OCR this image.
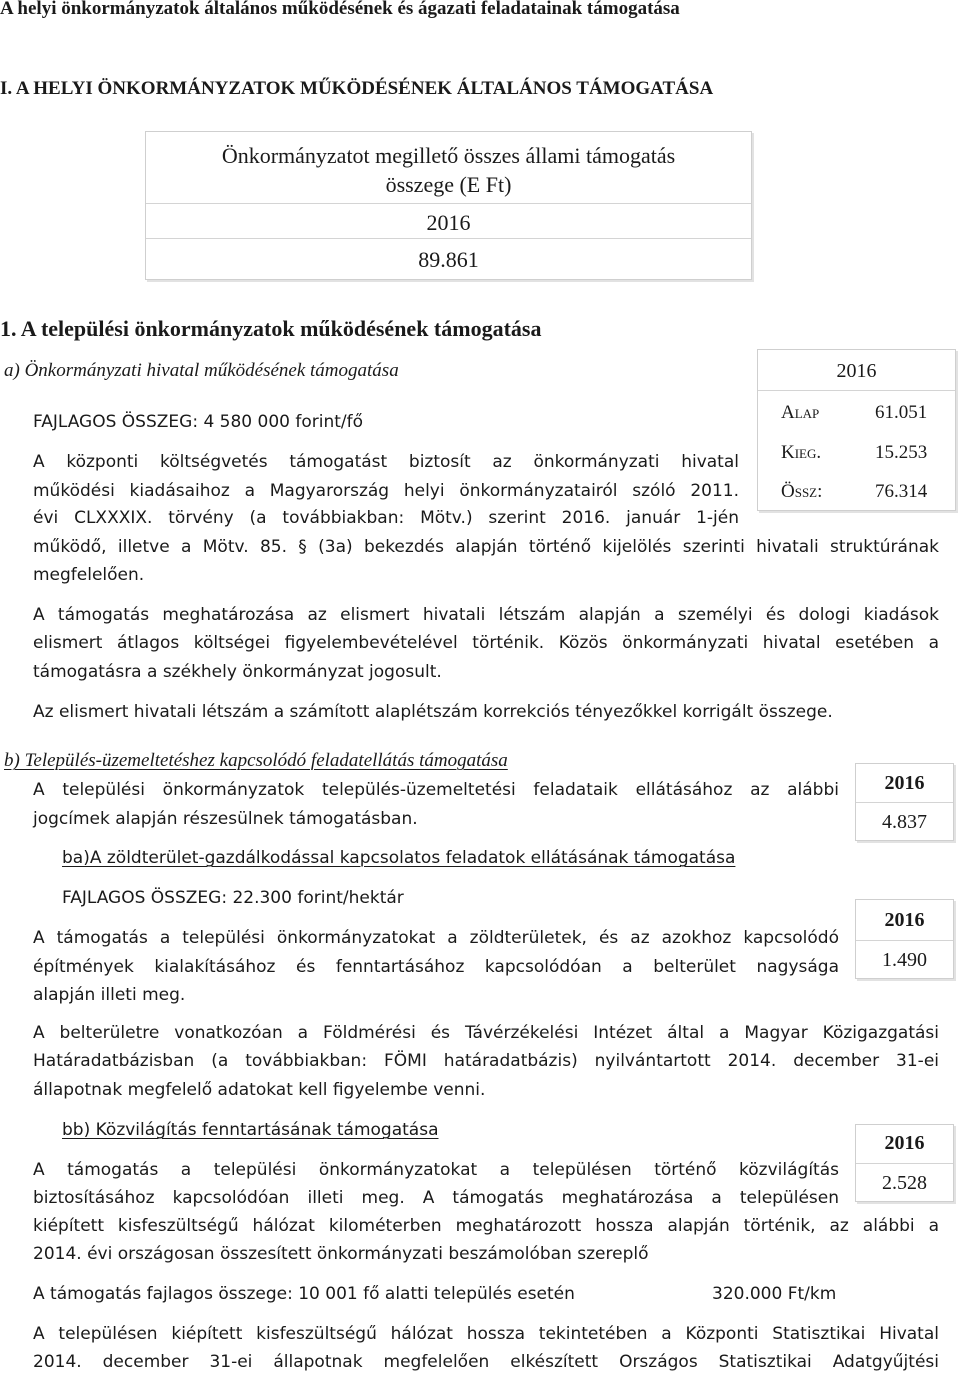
A helyi önkormányzatok általános működésének és ágazati feladatainak támogatása
I. A HELYI ÖNKORMÁNYZATOK MŰKÖDÉSÉNEK ÁLTALÁNOS TÁMOGATÁSA
Önkormányzatot megillető összes állami támogatás
összege (E Ft)
2016
89.861
1. A települési önkormányzatok működésének támogatása
a) Önkormányzati hivatal működésének támogatása
FAJLAGOS ÖSSZEG: 4 580 000 forint/fő
A központi költségvetés támogatást biztosít az önkormányzati hivatal
működési kiadásaihoz a Magyarország helyi önkormányzatairól szóló 2011.
évi CLXXXIX. törvény (a továbbiakban: Mötv.) szerint 2016. január 1-jén
működő, illetve a Mötv. 85. § (3a) bekezdés alapján történő kijelölés szerinti hivatali struktúrának
megfelelően.
A támogatás meghatározása az elismert hivatali létszám alapján a személyi és dologi kiadások
elismert átlagos költségei figyelembevételével történik. Közös önkormányzati hivatal esetében a
támogatásra a székhely önkormányzat jogosult.
Az elismert hivatali létszám a számított alaplétszám korrekciós tényezőkkel korrigált összege.
2016
Alap	61.051
Kieg.	15.253
Össz:	76.314
b) Település-üzemeltetéshez kapcsolódó feladatellátás támogatása
A települési önkormányzatok település-üzemeltetési feladataik ellátásához az alábbi
jogcímek alapján részesülnek támogatásban.
2016
4.837
ba)A zöldterület-gazdálkodással kapcsolatos feladatok ellátásának támogatása
FAJLAGOS ÖSSZEG: 22.300 forint/hektár
A támogatás a települési önkormányzatokat a zöldterületek, és az azokhoz kapcsolódó
építmények kialakításához és fenntartásához kapcsolódóan a belterület nagysága
alapján illeti meg.
2016
1.490
A belterületre vonatkozóan a Földmérési és Távérzékelési Intézet által a Magyar Közigazgatási
Határadatbázisban (a továbbiakban: FÖMI határadatbázis) nyilvántartott 2014. december 31-ei
állapotnak megfelelő adatokat kell figyelembe venni.
bb) Közvilágítás fenntartásának támogatása
A támogatás a települési önkormányzatokat a településen történő közvilágítás
biztosításához kapcsolódóan illeti meg. A támogatás meghatározása a településen
kiépített kisfeszültségű hálózat kilométerben meghatározott hossza alapján történik, az alábbi a
2014. évi országosan összesített önkormányzati beszámolóban szereplő
2016
2.528
A támogatás fajlagos összege: 10 001 fő alatti település esetén	320.000 Ft/km
A településen kiépített kisfeszültségű hálózat hossza tekintetében a Központi Statisztikai Hivatal
2014. december 31-ei állapotnak megfelelően elkészített Országos Statisztikai Adatgyűjtési
